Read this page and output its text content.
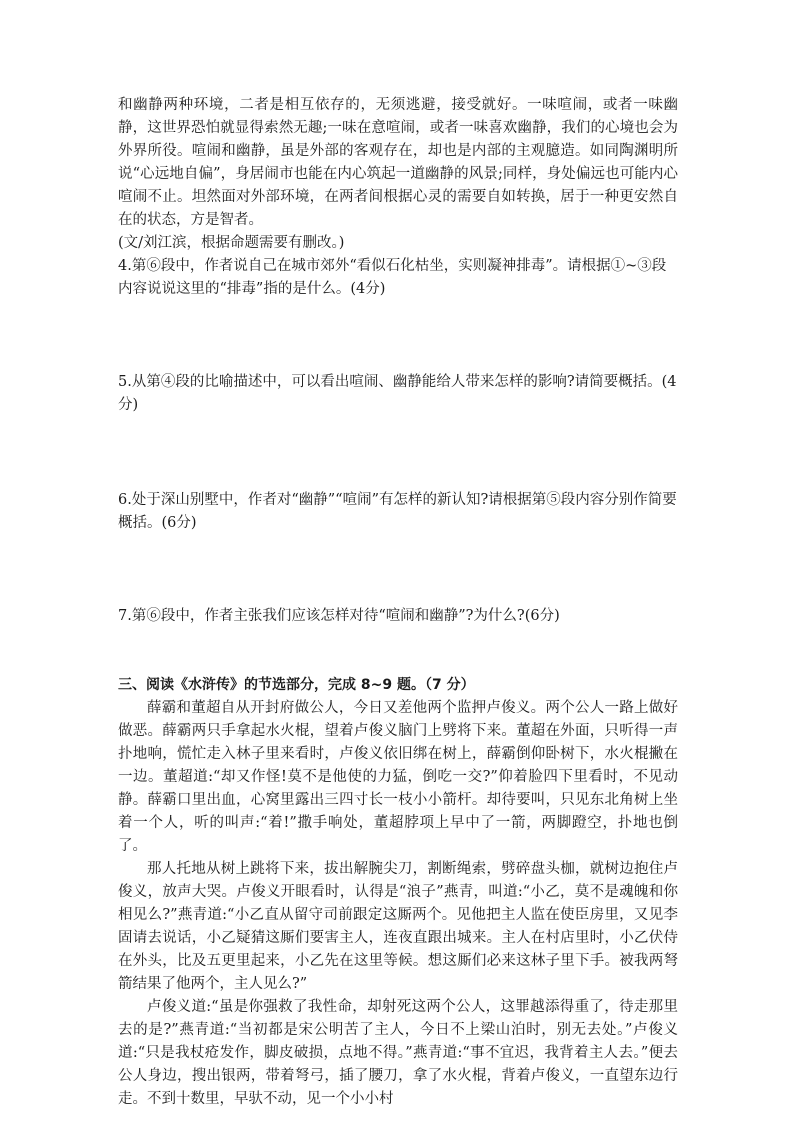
和幽静两种环境，二者是相互依存的，无须逃避，接受就好。一味喧闹，或者一味幽静，这世界恐怕就显得索然无趣;一味在意喧闹，或者一味喜欢幽静，我们的心境也会为外界所役。喧闹和幽静，虽是外部的客观存在，却也是内部的主观臆造。如同陶渊明所说“心远地自偏”，身居闹市也能在内心筑起一道幽静的风景;同样，身处偏远也可能内心喧闹不止。坦然面对外部环境，在两者间根据心灵的需要自如转换，居于一种更安然自在的状态，方是智者。

(文/刘江滨，根据命题需要有删改。)

4.第⑥段中，作者说自己在城市郊外“看似石化枯坐，实则凝神排毒”。请根据①~③段内容说说这里的“排毒”指的是什么。(4分)

5.从第④段的比喻描述中，可以看出喧闹、幽静能给人带来怎样的影响?请简要概括。(4分)

6.处于深山别墅中，作者对“幽静”“喧闹”有怎样的新认知?请根据第⑤段内容分别作简要概括。(6分)

7.第⑥段中，作者主张我们应该怎样对待“喧闹和幽静”?为什么?(6分)

三、阅读《水浒传》的节选部分，完成 8~9 题。（7 分）

薛霸和董超自从开封府做公人，今日又差他两个监押卢俊义。两个公人一路上做好做恶。薛霸两只手拿起水火棍，望着卢俊义脑门上劈将下来。董超在外面，只听得一声扑地响，慌忙走入林子里来看时，卢俊义依旧绑在树上，薛霸倒仰卧树下，水火棍撇在一边。董超道:“却又作怪!莫不是他使的力猛，倒吃一交?”仰着脸四下里看时，不见动静。薛霸口里出血，心窝里露出三四寸长一枝小小箭杆。却待要叫，只见东北角树上坐着一个人，听的叫声:“着!”撒手响处，董超脖项上早中了一箭，两脚蹬空，扑地也倒了。

那人托地从树上跳将下来，拔出解腕尖刀，割断绳索，劈碎盘头枷，就树边抱住卢俊义，放声大哭。卢俊义开眼看时，认得是“浪子”燕青，叫道:“小乙，莫不是魂魄和你相见么?”燕青道:“小乙直从留守司前跟定这厮两个。见他把主人监在使臣房里，又见李固请去说话，小乙疑猜这厮们要害主人，连夜直跟出城来。主人在村店里时，小乙伏侍在外头，比及五更里起来，小乙先在这里等候。想这厮们必来这林子里下手。被我两弩箭结果了他两个，主人见么?”

卢俊义道:“虽是你强救了我性命，却射死这两个公人，这罪越添得重了，待走那里去的是?”燕青道:“当初都是宋公明苦了主人，今日不上梁山泊时，别无去处。”卢俊义道:“只是我杖疮发作，脚皮破损，点地不得。”燕青道:“事不宜迟，我背着主人去。”便去公人身边，搜出银两，带着弩弓，插了腰刀，拿了水火棍，背着卢俊义，一直望东边行走。不到十数里，早驮不动，见一个小小村
